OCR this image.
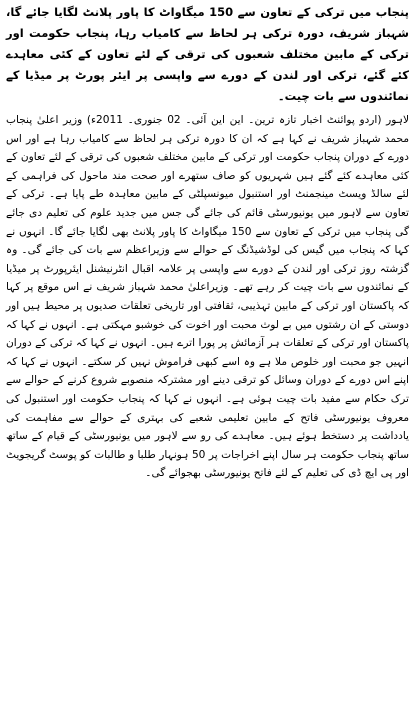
پنجاب میں ترکی کے تعاون سے 150 میگاواٹ کا پاور پلانٹ لگایا جائے گا، شہباز شریف، دورہ ترکی ہر لحاظ سے کامیاب رہا، پنجاب حکومت اور ترکی کے مابین مختلف شعبوں کی ترقی کے لئے تعاون کے کئی معاہدے کئے گئے، ترکی اور لندن کے دورے سے واپسی پر ایئر پورٹ پر میڈیا کے نمائندوں سے بات چیت۔

لاہور (اردو پوائنٹ اخبار تازہ ترین۔ این این آئی۔ 02 جنوری۔ 2011ء) وزیر اعلیٰ پنجاب محمد شہباز شریف نے کہا ہے کہ ان کا دورہ ترکی ہر لحاظ سے کامیاب رہا ہے اور اس دورے کے دوران پنجاب حکومت اور ترکی کے مابین مختلف شعبوں کی ترقی کے لئے تعاون کے کئی معاہدے کئے گئے ہیں شہریوں کو صاف ستھرے اور صحت مند ماحول کی فراہمی کے لئے سالڈ ویسٹ مینجمنٹ اور استنبول میونسپلٹی کے مابین معاہدہ طے پایا ہے۔ ترکی کے تعاون سے لاہور میں یونیورسٹی قائم کی جائے گی جس میں جدید علوم کی تعلیم دی جائے گی پنجاب میں ترکی کے تعاون سے 150 میگاواٹ کا پاور پلانٹ بھی لگایا جائے گا۔ انہوں نے کہا کہ پنجاب میں گیس کی لوڈشیڈنگ کے حوالے سے وزیراعظم سے بات کی جائے گی۔ وہ گزشتہ روز ترکی اور لندن کے دورے سے واپسی پر علامہ اقبال انٹرنیشنل ایئرپورٹ پر میڈیا کے نمائندوں سے بات چیت کر رہے تھے۔ وزیراعلیٰ محمد شہباز شریف نے اس موقع پر کہا کہ پاکستان اور ترکی کے مابین تہذیبی، ثقافتی اور تاریخی تعلقات صدیوں پر محیط ہیں اور دوستی کے ان رشتوں میں بے لوث محبت اور اخوت کی خوشبو مہکتی ہے۔ انہوں نے کہا کہ پاکستان اور ترکی کے تعلقات ہر آزمائش پر پورا اترے ہیں۔ انہوں نے کہا کہ ترکی کے دوران انہیں جو محبت اور خلوص ملا ہے وہ اسے کبھی فراموش نہیں کر سکتے۔ انہوں نے کہا کہ اپنے اس دورے کے دوران وسائل کو ترقی دینے اور مشترکہ منصوبے شروع کرنے کے حوالے سے ترک حکام سے مفید بات چیت ہوئی ہے۔ انہوں نے کہا کہ پنجاب حکومت اور استنبول کی معروف یونیورسٹی فاتح کے مابین تعلیمی شعبے کی بہتری کے حوالے سے مفاہمت کی یادداشت پر دستخط ہوئے ہیں۔ معاہدے کی رو سے لاہور میں یونیورسٹی کے قیام کے ساتھ ساتھ پنجاب حکومت ہر سال اپنے اخراجات پر 50 ہونہار طلبا و طالبات کو پوسٹ گریجویٹ اور پی ایچ ڈی کی تعلیم کے لئے فاتح یونیورسٹی بھجوائے گی۔
